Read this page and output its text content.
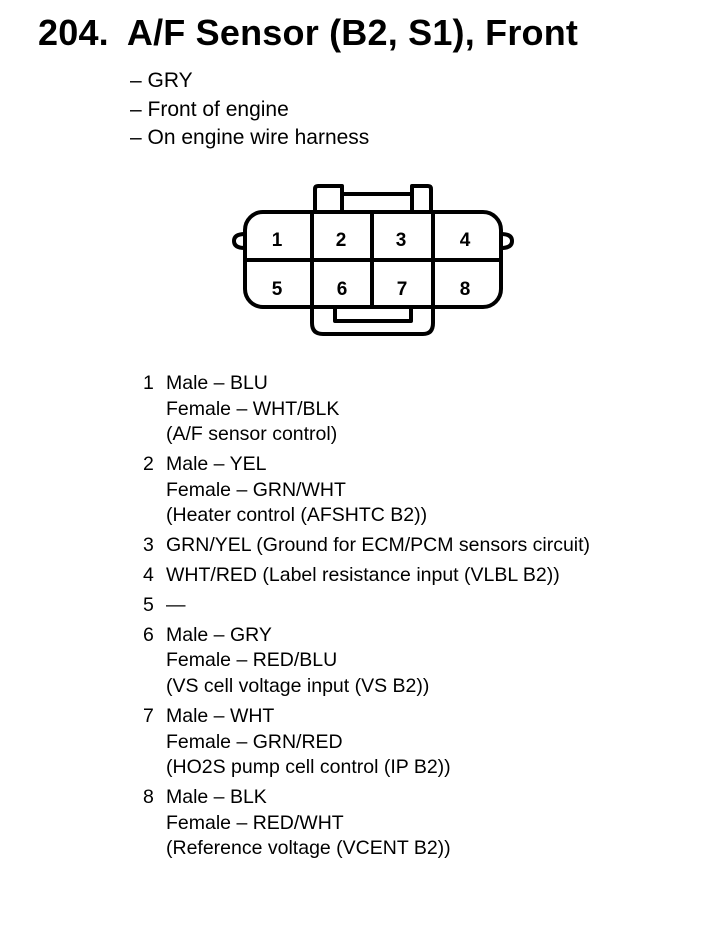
204. A/F Sensor (B2, S1), Front
– GRY
– Front of engine
– On engine wire harness
1	2	3	4
5	6	7	8
1 Male – BLU
Female – WHT/BLK
(A/F sensor control)
2 Male – YEL
Female – GRN/WHT
(Heater control (AFSHTC B2))
3 GRN/YEL (Ground for ECM/PCM sensors circuit)
4 WHT/RED (Label resistance input (VLBL B2))
5 —
6 Male – GRY
Female – RED/BLU
(VS cell voltage input (VS B2))
7 Male – WHT
Female – GRN/RED
(HO2S pump cell control (IP B2))
8 Male – BLK
Female – RED/WHT
(Reference voltage (VCENT B2))
